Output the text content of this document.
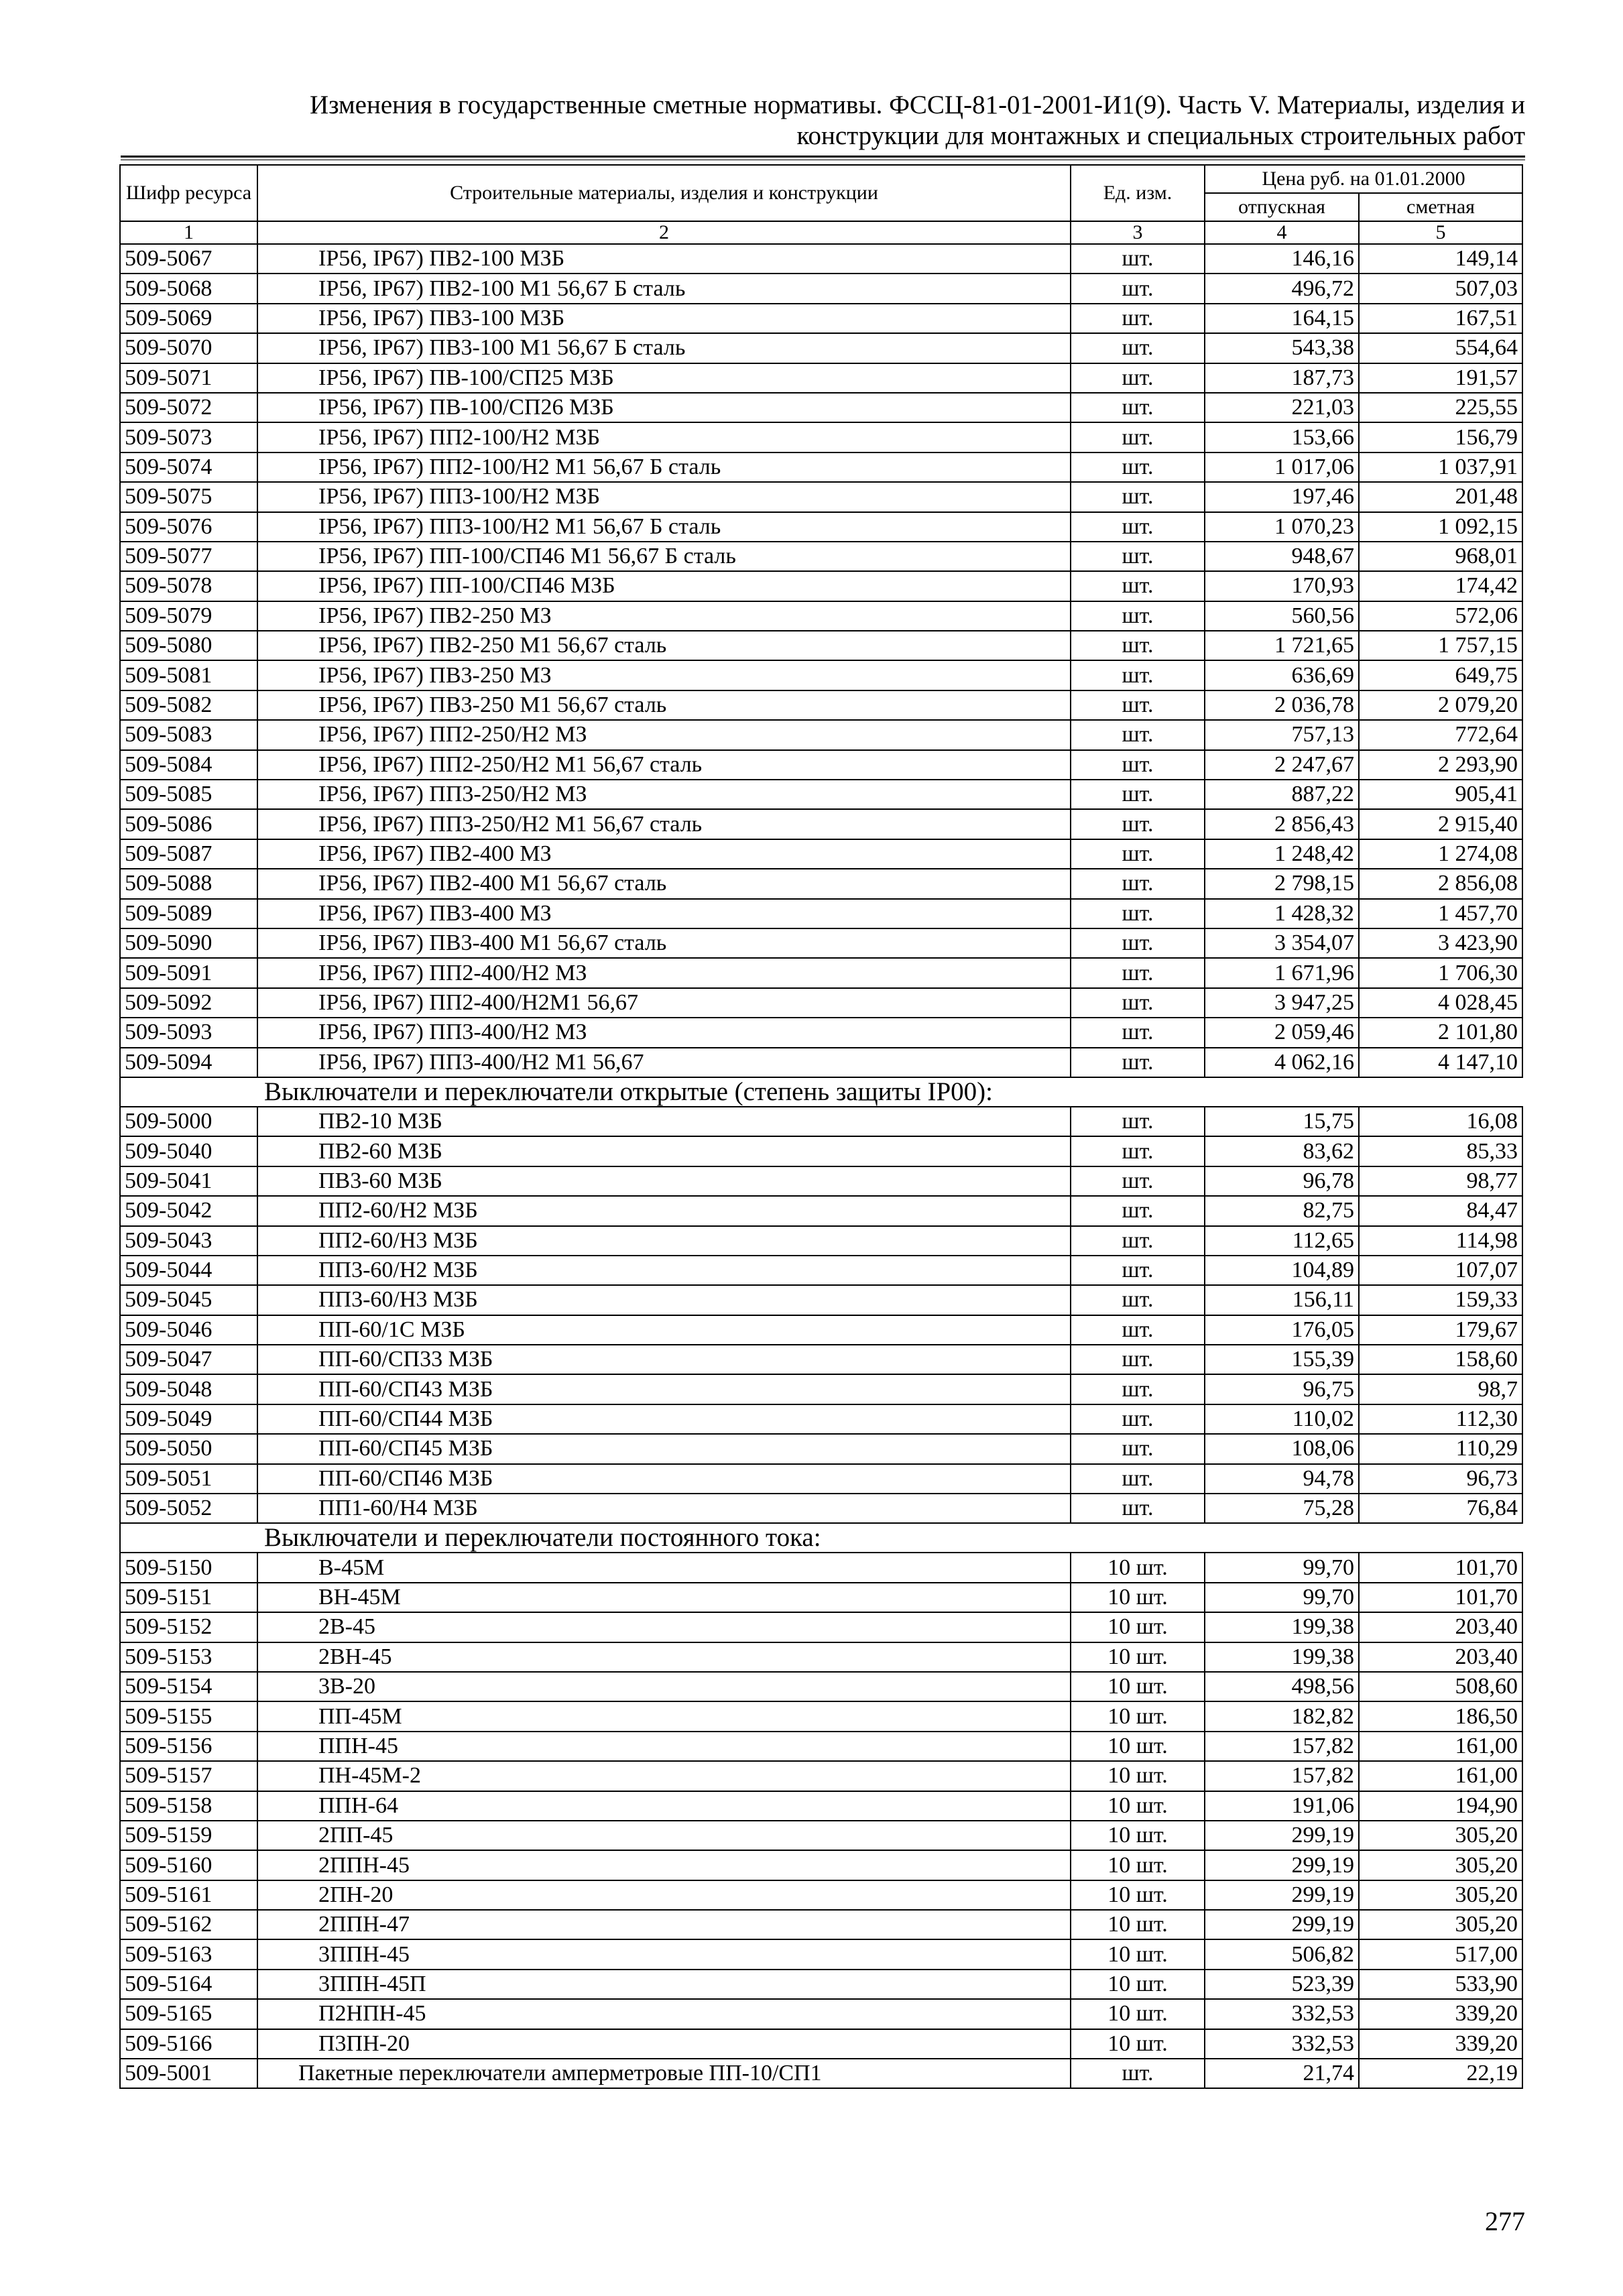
Изменения в государственные сметные нормативы. ФССЦ-81-01-2001-И1(9). Часть V. Материалы, изделия и
конструкции для монтажных и специальных строительных работ
Шифр ресурса	Строительные материалы, изделия и конструкции	Ед. изм.	Цена руб. на 01.01.2000	
			отпускная	сметная
1	2	3	4	5
509-5067	IP56, IP67) ПВ2-100 МЗБ	шт.	146,16	149,14
509-5068	IP56, IP67) ПВ2-100 М1 56,67 Б сталь	шт.	496,72	507,03
509-5069	IP56, IP67) ПВ3-100 МЗБ	шт.	164,15	167,51
509-5070	IP56, IP67) ПВ3-100 М1 56,67 Б сталь	шт.	543,38	554,64
509-5071	IP56, IP67) ПВ-100/СП25 МЗБ	шт.	187,73	191,57
509-5072	IP56, IP67) ПВ-100/СП26 МЗБ	шт.	221,03	225,55
509-5073	IP56, IP67) ПП2-100/Н2 МЗБ	шт.	153,66	156,79
509-5074	IP56, IP67) ПП2-100/Н2 М1 56,67 Б сталь	шт.	1 017,06	1 037,91
509-5075	IP56, IP67) ПП3-100/Н2 МЗБ	шт.	197,46	201,48
509-5076	IP56, IP67) ПП3-100/Н2 М1 56,67 Б сталь	шт.	1 070,23	1 092,15
509-5077	IP56, IP67) ПП-100/СП46 М1 56,67 Б сталь	шт.	948,67	968,01
509-5078	IP56, IP67) ПП-100/СП46 МЗБ	шт.	170,93	174,42
509-5079	IP56, IP67) ПВ2-250 МЗ	шт.	560,56	572,06
509-5080	IP56, IP67) ПВ2-250 М1 56,67 сталь	шт.	1 721,65	1 757,15
509-5081	IP56, IP67) ПВ3-250 МЗ	шт.	636,69	649,75
509-5082	IP56, IP67) ПВ3-250 М1 56,67 сталь	шт.	2 036,78	2 079,20
509-5083	IP56, IP67) ПП2-250/Н2 МЗ	шт.	757,13	772,64
509-5084	IP56, IP67) ПП2-250/Н2 М1 56,67 сталь	шт.	2 247,67	2 293,90
509-5085	IP56, IP67) ПП3-250/Н2 МЗ	шт.	887,22	905,41
509-5086	IP56, IP67) ПП3-250/Н2 М1 56,67 сталь	шт.	2 856,43	2 915,40
509-5087	IP56, IP67) ПВ2-400 МЗ	шт.	1 248,42	1 274,08
509-5088	IP56, IP67) ПВ2-400 М1 56,67 сталь	шт.	2 798,15	2 856,08
509-5089	IP56, IP67) ПВ3-400 МЗ	шт.	1 428,32	1 457,70
509-5090	IP56, IP67) ПВ3-400 М1 56,67 сталь	шт.	3 354,07	3 423,90
509-5091	IP56, IP67) ПП2-400/Н2 МЗ	шт.	1 671,96	1 706,30
509-5092	IP56, IP67) ПП2-400/Н2М1 56,67	шт.	3 947,25	4 028,45
509-5093	IP56, IP67) ПП3-400/Н2 МЗ	шт.	2 059,46	2 101,80
509-5094	IP56, IP67) ПП3-400/Н2 М1 56,67	шт.	4 062,16	4 147,10
Выключатели и переключатели открытые (степень защиты IP00):				
509-5000	ПВ2-10 МЗБ	шт.	15,75	16,08
509-5040	ПВ2-60 МЗБ	шт.	83,62	85,33
509-5041	ПВ3-60 МЗБ	шт.	96,78	98,77
509-5042	ПП2-60/Н2 МЗБ	шт.	82,75	84,47
509-5043	ПП2-60/Н3 МЗБ	шт.	112,65	114,98
509-5044	ПП3-60/Н2 МЗБ	шт.	104,89	107,07
509-5045	ПП3-60/Н3 МЗБ	шт.	156,11	159,33
509-5046	ПП-60/1С МЗБ	шт.	176,05	179,67
509-5047	ПП-60/СП33 МЗБ	шт.	155,39	158,60
509-5048	ПП-60/СП43 МЗБ	шт.	96,75	98,7
509-5049	ПП-60/СП44 МЗБ	шт.	110,02	112,30
509-5050	ПП-60/СП45 МЗБ	шт.	108,06	110,29
509-5051	ПП-60/СП46 МЗБ	шт.	94,78	96,73
509-5052	ПП1-60/Н4 МЗБ	шт.	75,28	76,84
Выключатели и переключатели постоянного тока:				
509-5150	В-45М	10 шт.	99,70	101,70
509-5151	ВН-45М	10 шт.	99,70	101,70
509-5152	2В-45	10 шт.	199,38	203,40
509-5153	2ВН-45	10 шт.	199,38	203,40
509-5154	3В-20	10 шт.	498,56	508,60
509-5155	ПП-45М	10 шт.	182,82	186,50
509-5156	ППН-45	10 шт.	157,82	161,00
509-5157	ПН-45М-2	10 шт.	157,82	161,00
509-5158	ППН-64	10 шт.	191,06	194,90
509-5159	2ПП-45	10 шт.	299,19	305,20
509-5160	2ППН-45	10 шт.	299,19	305,20
509-5161	2ПН-20	10 шт.	299,19	305,20
509-5162	2ППН-47	10 шт.	299,19	305,20
509-5163	3ППН-45	10 шт.	506,82	517,00
509-5164	3ППН-45П	10 шт.	523,39	533,90
509-5165	П2НПН-45	10 шт.	332,53	339,20
509-5166	П3ПН-20	10 шт.	332,53	339,20
509-5001	Пакетные переключатели амперметровые ПП-10/СП1	шт.	21,74	22,19
277
